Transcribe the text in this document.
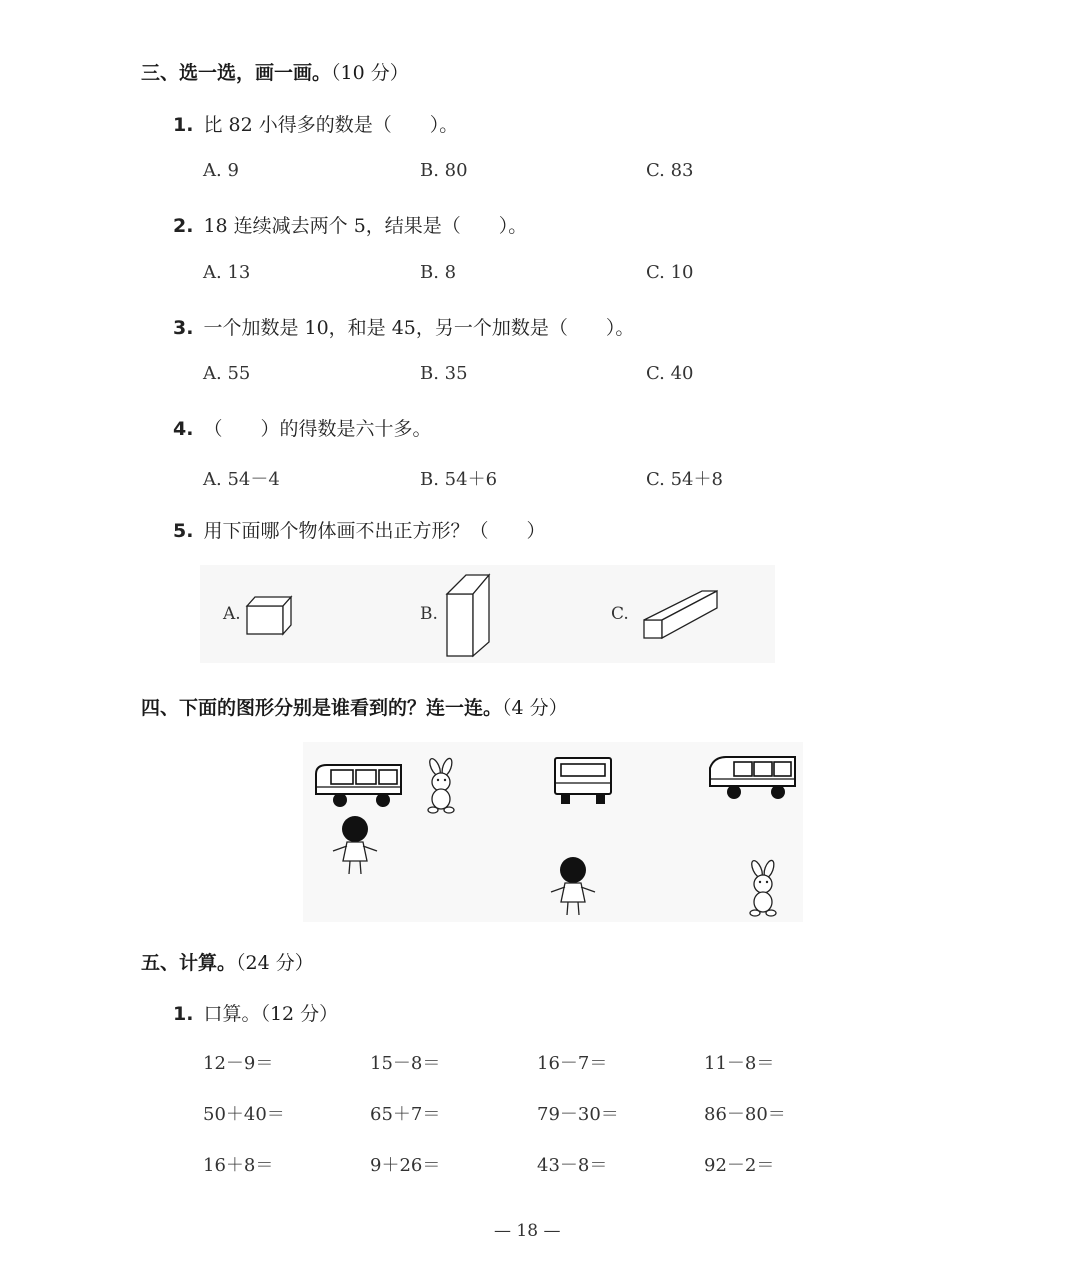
三、选一选，画一画。（10 分）
1. 比 82 小得多的数是（　　）。
A. 9	B. 80	C. 83
2. 18 连续减去两个 5，结果是（　　）。
A. 13	B. 8	C. 10
3. 一个加数是 10，和是 45，另一个加数是（　　）。
A. 55	B. 35	C. 40
4. （　　）的得数是六十多。
A. 54－4	B. 54＋6	C. 54＋8
5. 用下面哪个物体画不出正方形？（　　）
A.	B.	C.
四、下面的图形分别是谁看到的？连一连。（4 分）
五、计算。（24 分）
1. 口算。（12 分）
12－9＝	15－8＝	16－7＝	11－8＝
50＋40＝	65＋7＝	79－30＝	86－80＝
16＋8＝	9＋26＝	43－8＝	92－2＝
— 18 —
